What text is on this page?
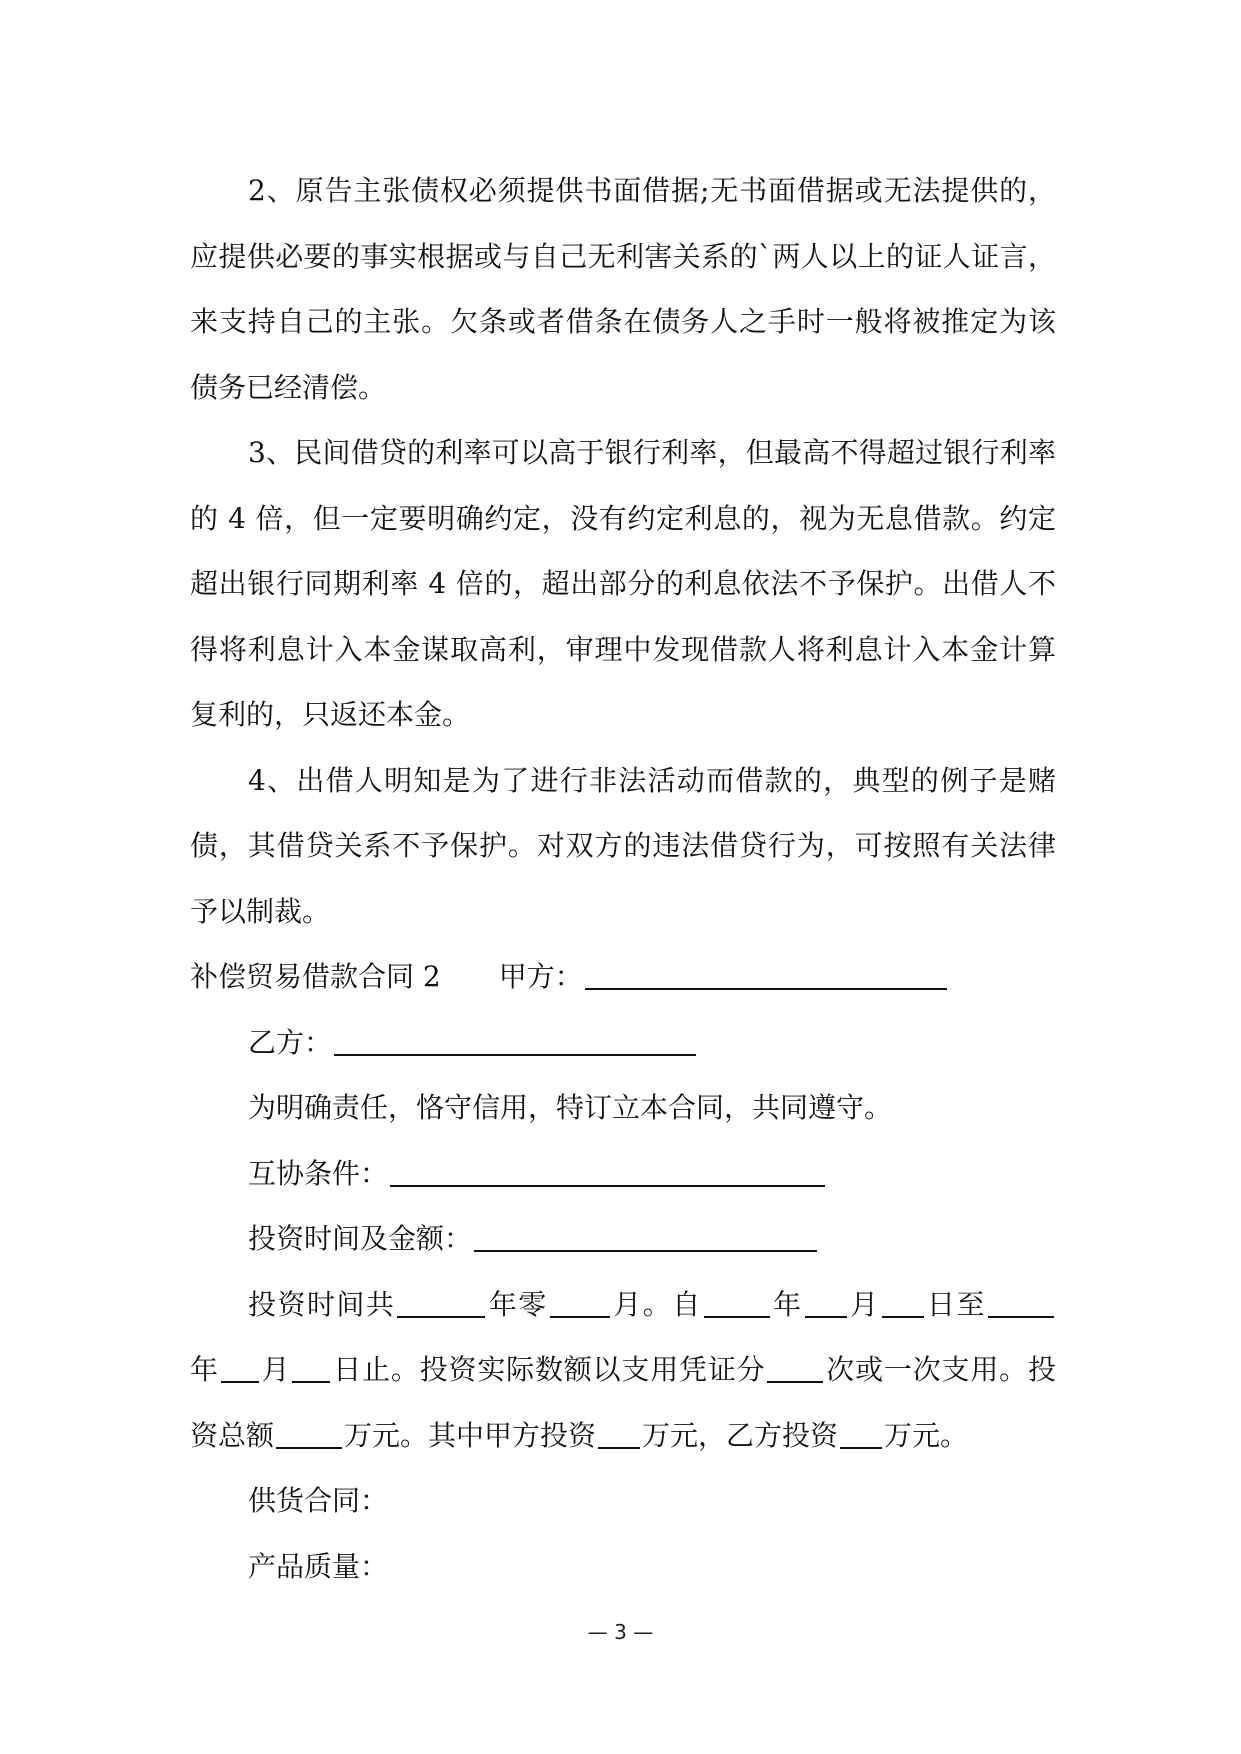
2、原告主张债权必须提供书面借据;无书面借据或无法提供的，应提供必要的事实根据或与自己无利害关系的`两人以上的证人证言，来支持自己的主张。欠条或者借条在债务人之手时一般将被推定为该债务已经清偿。

3、民间借贷的利率可以高于银行利率，但最高不得超过银行利率的 4 倍，但一定要明确约定，没有约定利息的，视为无息借款。约定超出银行同期利率 4 倍的，超出部分的利息依法不予保护。出借人不得将利息计入本金谋取高利，审理中发现借款人将利息计入本金计算复利的，只返还本金。

4、出借人明知是为了进行非法活动而借款的，典型的例子是赌债，其借贷关系不予保护。对双方的违法借贷行为，可按照有关法律予以制裁。

补偿贸易借款合同 2 甲方：

乙方：

为明确责任，恪守信用，特订立本合同，共同遵守。

互协条件：

投资时间及金额：

投资时间共	年零 月。自	年 月 日至年 月 日止。投资实际数额以支用凭证分 次或一次支用。投资总额	万元。其中甲方投资 万元，乙方投资 万元。

供货合同：

产品质量：

— 3 —
